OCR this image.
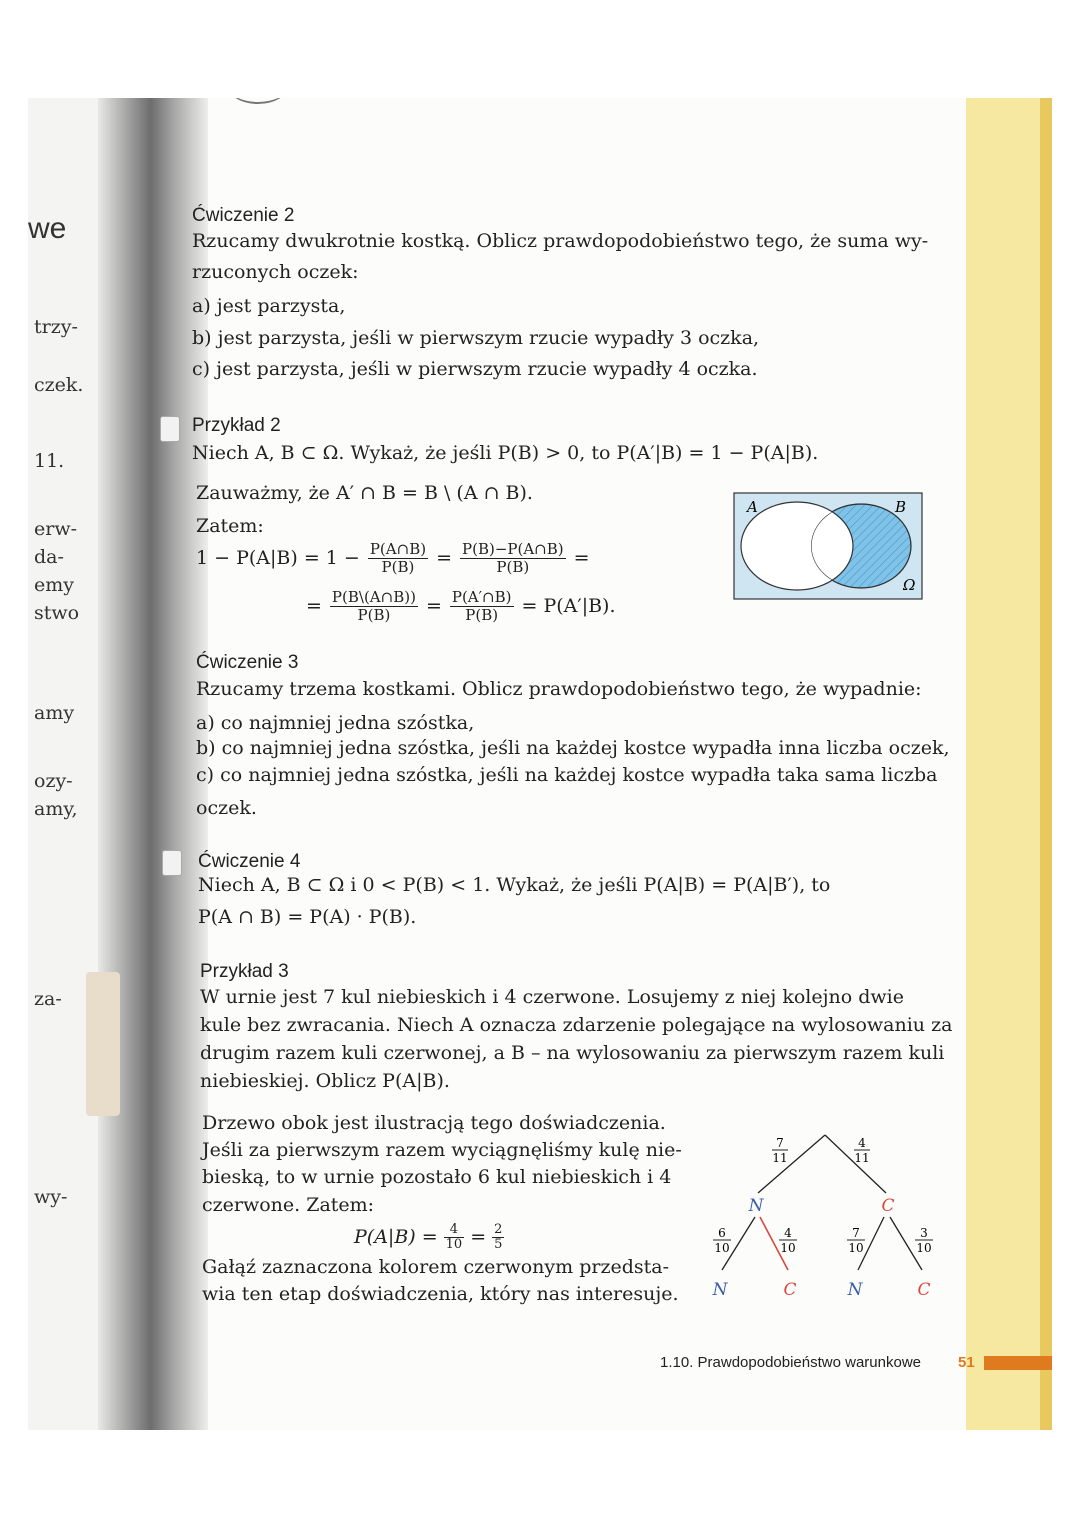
we
trzy-
czek.
11.
erw-
da-
emy
stwo
amy
ozy-
amy,
za-
wy-
Ćwiczenie 2
Rzucamy dwukrotnie kostką. Oblicz prawdopodobieństwo tego, że suma wy-
rzuconych oczek:
a) jest parzysta,
b) jest parzysta, jeśli w pierwszym rzucie wypadły 3 oczka,
c) jest parzysta, jeśli w pierwszym rzucie wypadły 4 oczka.
Przykład 2
Niech A, B ⊂ Ω. Wykaż, że jeśli P(B) > 0, to P(A′|B) = 1 − P(A|B).
Zauważmy, że A′ ∩ B = B \ (A ∩ B).
Zatem:
$1 - P(A|B) = 1 - \frac{P(A\cap B)}{P(B)} = \frac{P(B)-P(A\cap B)}{P(B)}$ =
= $\frac{P(B\backslash(A\cap B))}{P(B)} = \frac{P(A'\cap B)}{P(B)} = P(A'|B)$.
A	B
Ω
Ćwiczenie 3
Rzucamy trzema kostkami. Oblicz prawdopodobieństwo tego, że wypadnie:
a) co najmniej jedna szóstka,
b) co najmniej jedna szóstka, jeśli na każdej kostce wypadła inna liczba oczek,
c) co najmniej jedna szóstka, jeśli na każdej kostce wypadła taka sama liczba
oczek.
Ćwiczenie 4
Niech A, B ⊂ Ω i 0 < P(B) < 1. Wykaż, że jeśli P(A|B) = P(A|B′), to
P(A ∩ B) = P(A) · P(B).
Przykład 3
W urnie jest 7 kul niebieskich i 4 czerwone. Losujemy z niej kolejno dwie
kule bez zwracania. Niech A oznacza zdarzenie polegające na wylosowaniu za
drugim razem kuli czerwonej, a B – na wylosowaniu za pierwszym razem kuli
niebieskiej. Oblicz P(A|B).
Drzewo obok jest ilustracją tego doświadczenia.
Jeśli za pierwszym razem wyciągnęliśmy kulę nie-
bieską, to w urnie pozostało 6 kul niebieskich i 4
czerwone. Zatem:
$P(A|B) = \frac{4}{10} = \frac{2}{5}$
Gałąź zaznaczona kolorem czerwonym przedsta-
wia ten etap doświadczenia, który nas interesuje.
7
11
4
11
N	C
6
10
4
10
7
10
3
10
N	C	N	C
1.10. Prawdopodobieństwo warunkowe 51
